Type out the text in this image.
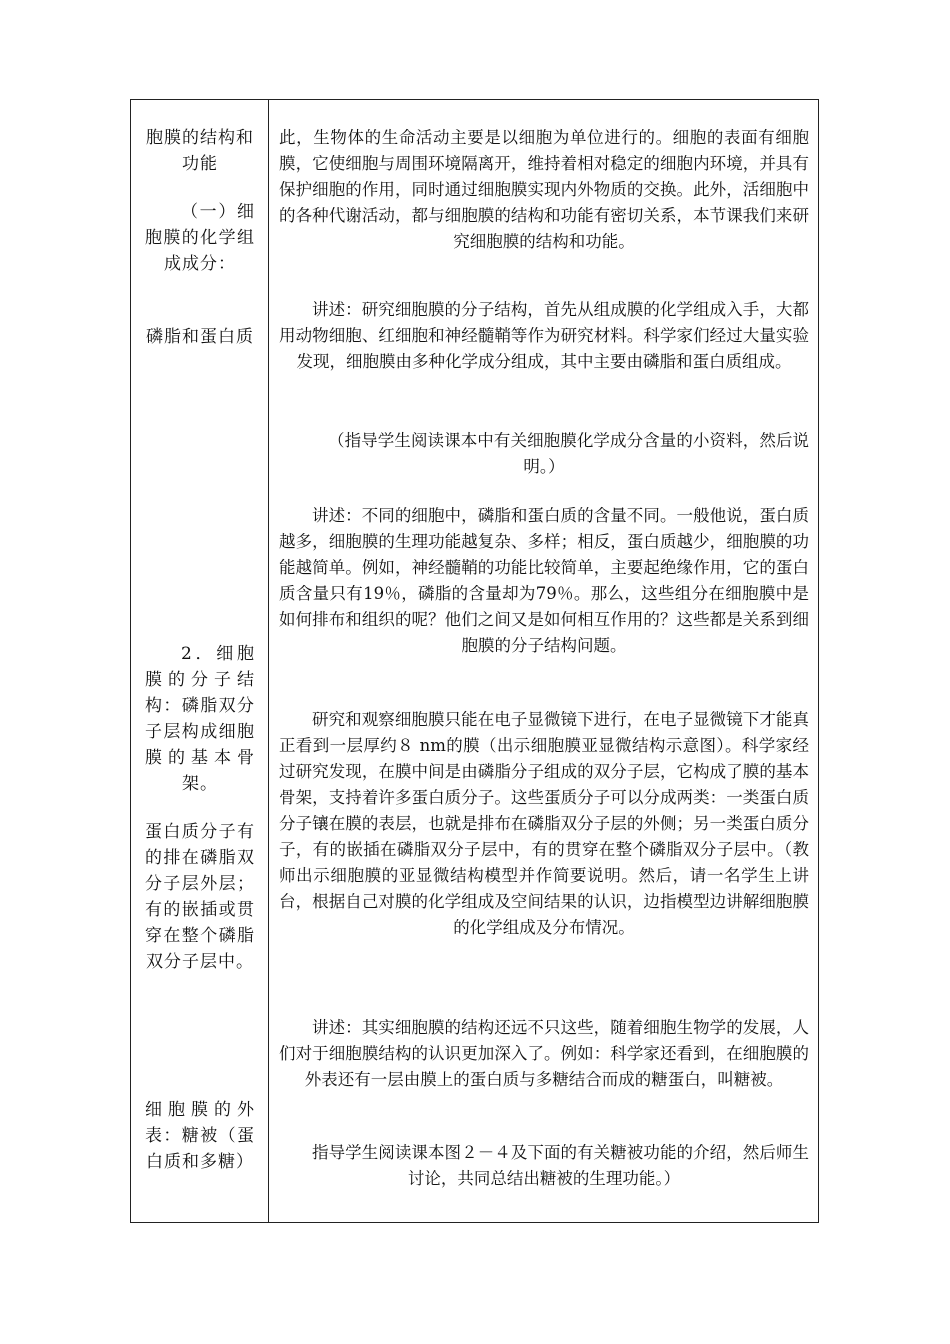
胞膜的结构和功能

（一）细胞膜的化学组成成分：

磷脂和蛋白质

2．细胞膜的分子结构：磷脂双分子层构成细胞膜的基本骨架。

蛋白质分子有的排在磷脂双分子层外层；有的嵌插或贯穿在整个磷脂双分子层中。

细胞膜的外表：糖被（蛋白质和多糖）

此，生物体的生命活动主要是以细胞为单位进行的。细胞的表面有细胞膜，它使细胞与周围环境隔离开，维持着相对稳定的细胞内环境，并具有保护细胞的作用，同时通过细胞膜实现内外物质的交换。此外，活细胞中的各种代谢活动，都与细胞膜的结构和功能有密切关系，本节课我们来研究细胞膜的结构和功能。

讲述：研究细胞膜的分子结构，首先从组成膜的化学组成入手，大都用动物细胞、红细胞和神经髓鞘等作为研究材料。科学家们经过大量实验发现，细胞膜由多种化学成分组成，其中主要由磷脂和蛋白质组成。

（指导学生阅读课本中有关细胞膜化学成分含量的小资料，然后说明。）

讲述：不同的细胞中，磷脂和蛋白质的含量不同。一般他说，蛋白质越多，细胞膜的生理功能越复杂、多样；相反，蛋白质越少，细胞膜的功能越简单。例如，神经髓鞘的功能比较简单，主要起绝缘作用，它的蛋白质含量只有19％，磷脂的含量却为79％。那么，这些组分在细胞膜中是如何排布和组织的呢？他们之间又是如何相互作用的？这些都是关系到细胞膜的分子结构问题。

研究和观察细胞膜只能在电子显微镜下进行，在电子显微镜下才能真正看到一层厚约８ nm的膜（出示细胞膜亚显微结构示意图）。科学家经过研究发现，在膜中间是由磷脂分子组成的双分子层，它构成了膜的基本骨架，支持着许多蛋白质分子。这些蛋质分子可以分成两类：一类蛋白质分子镶在膜的表层，也就是排布在磷脂双分子层的外侧；另一类蛋白质分子，有的嵌插在磷脂双分子层中，有的贯穿在整个磷脂双分子层中。（教师出示细胞膜的亚显微结构模型并作简要说明。然后，请一名学生上讲台，根据自己对膜的化学组成及空间结果的认识，边指模型边讲解细胞膜的化学组成及分布情况。

讲述：其实细胞膜的结构还远不只这些，随着细胞生物学的发展，人们对于细胞膜结构的认识更加深入了。例如：科学家还看到，在细胞膜的外表还有一层由膜上的蛋白质与多糖结合而成的糖蛋白，叫糖被。

指导学生阅读课本图２－４及下面的有关糖被功能的介绍，然后师生讨论，共同总结出糖被的生理功能。）
